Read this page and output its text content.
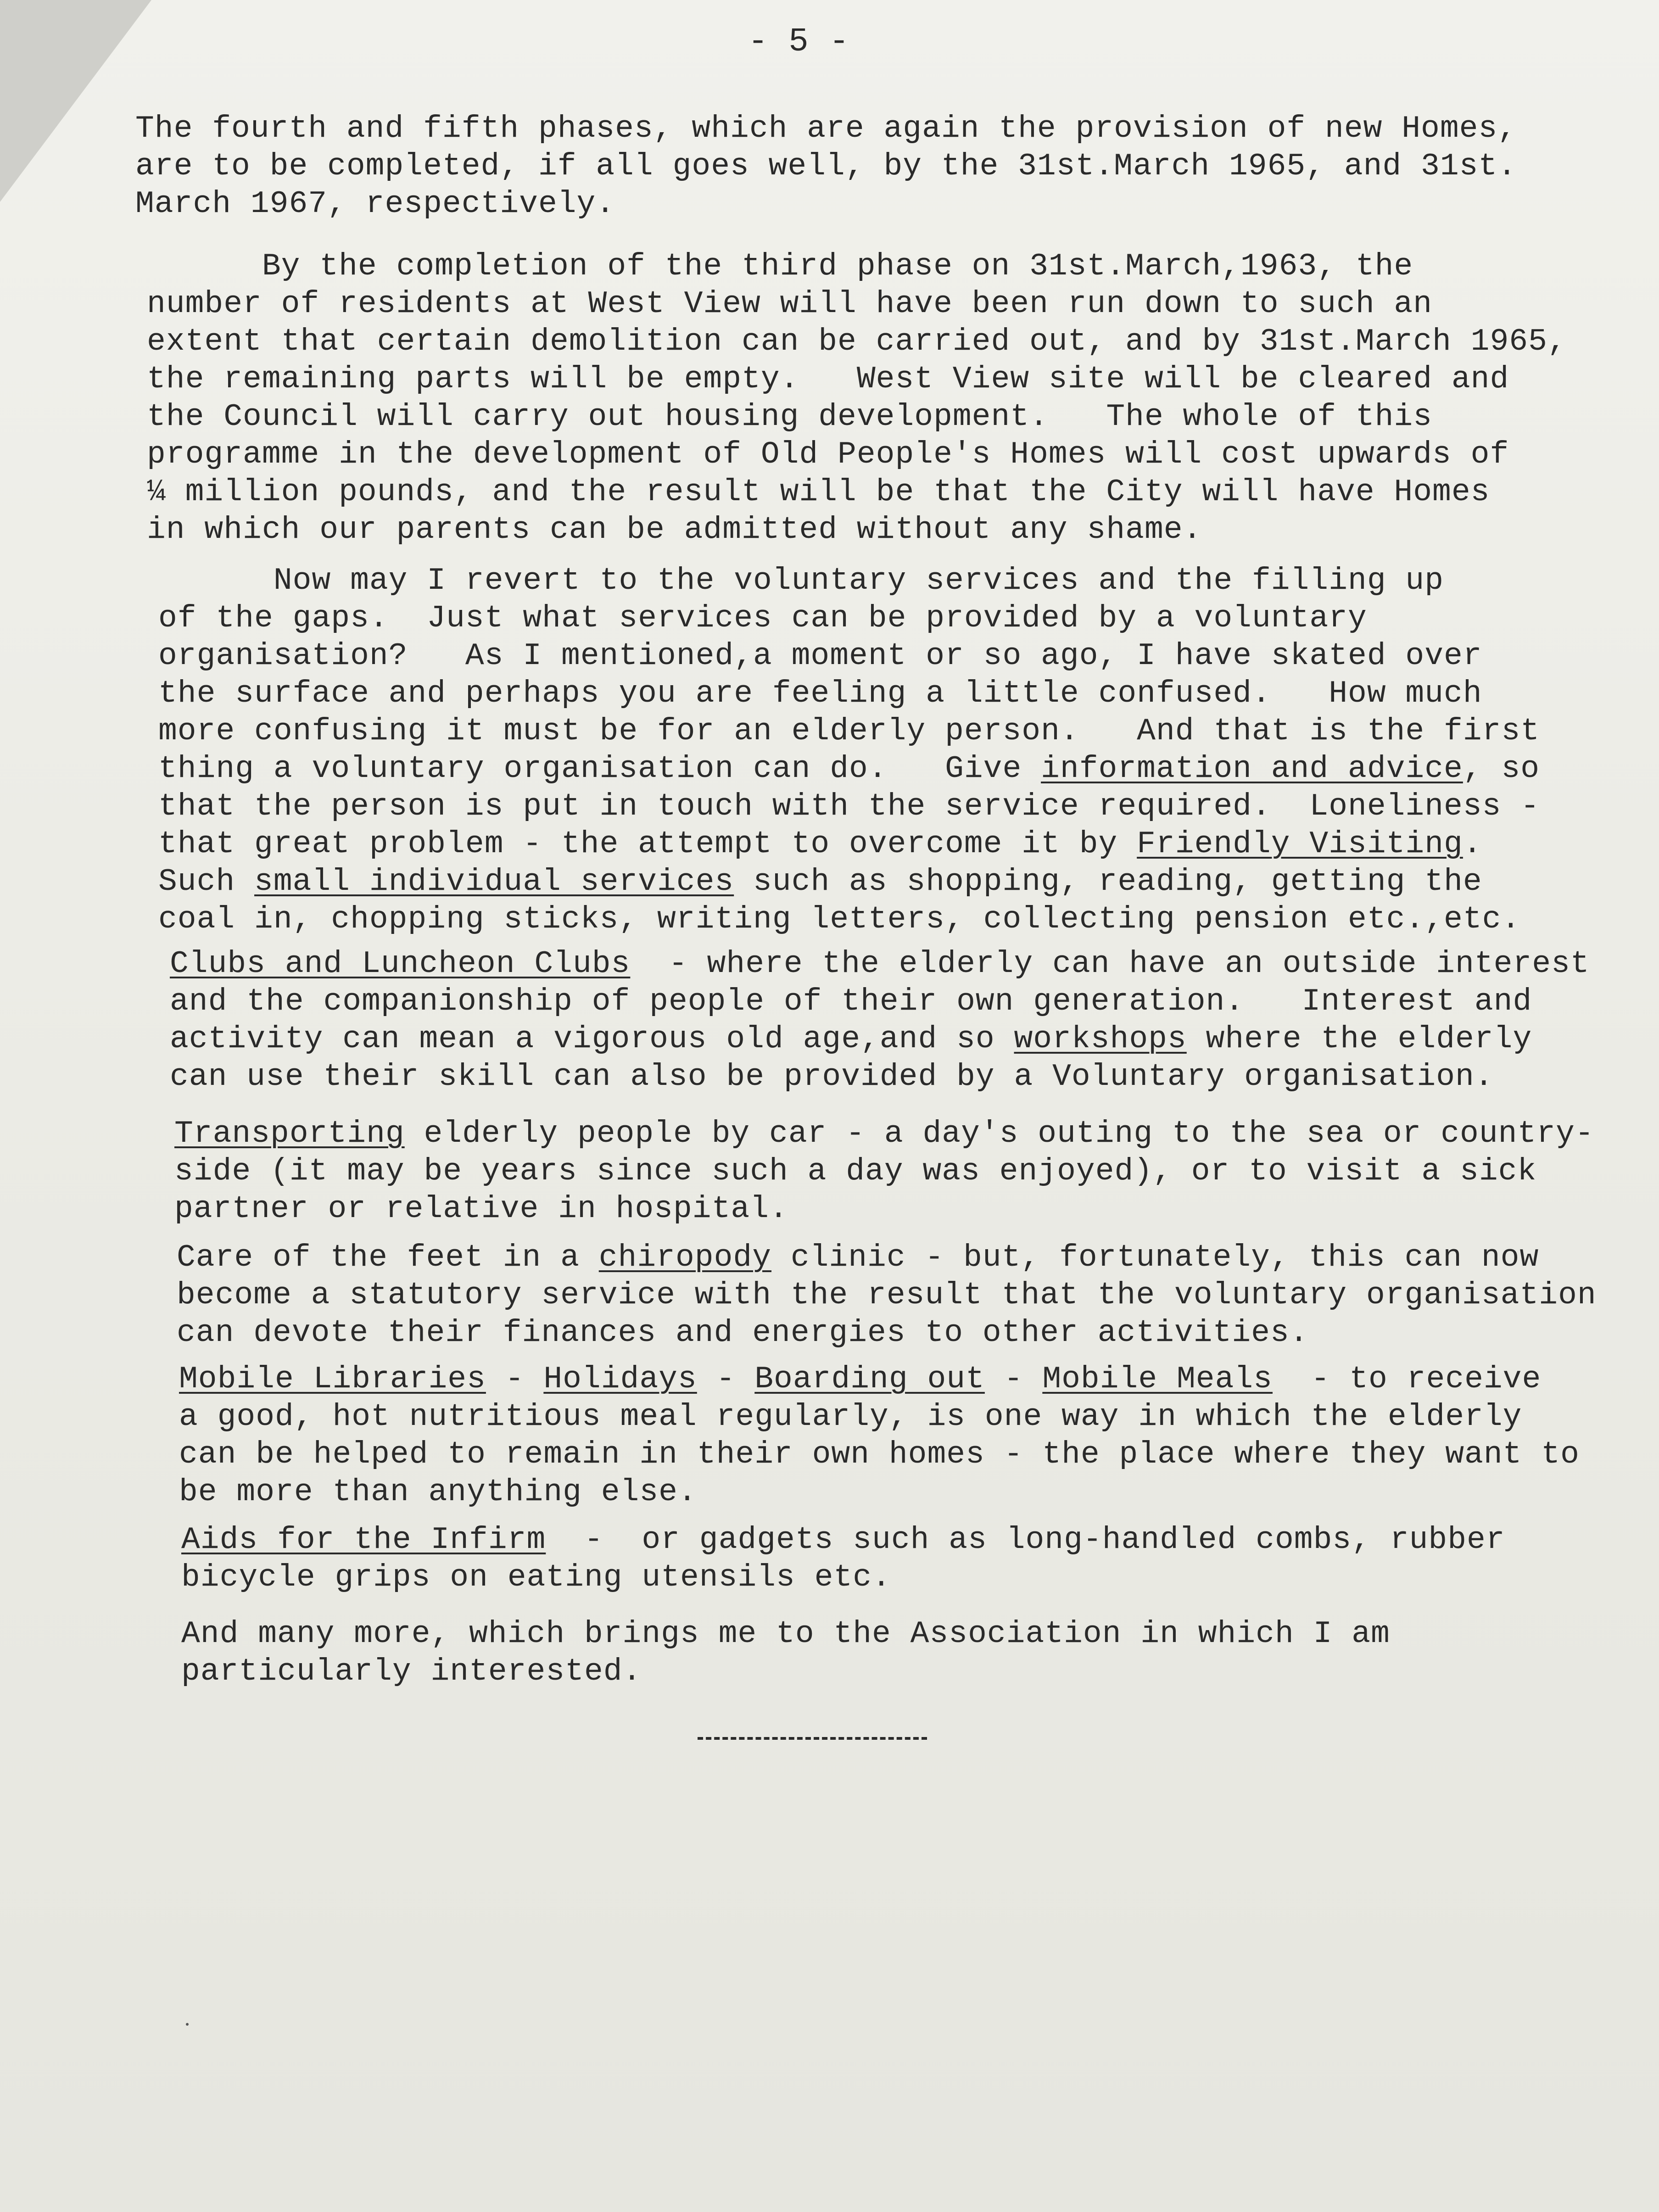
- 5 -
The fourth and fifth phases, which are again the provision of new Homes,
are to be completed, if all goes well, by the 31st.March 1965, and 31st.
March 1967, respectively.
By the completion of the third phase on 31st.March,1963, the
number of residents at West View will have been run down to such an
extent that certain demolition can be carried out, and by 31st.March 1965,
the remaining parts will be empty.   West View site will be cleared and
the Council will carry out housing development.   The whole of this
programme in the development of Old People's Homes will cost upwards of
¼ million pounds, and the result will be that the City will have Homes
in which our parents can be admitted without any shame.
Now may I revert to the voluntary services and the filling up
of the gaps.  Just what services can be provided by a voluntary
organisation?   As I mentioned,a moment or so ago, I have skated over
the surface and perhaps you are feeling a little confused.   How much
more confusing it must be for an elderly person.   And that is the first
thing a voluntary organisation can do.   Give information and advice, so
that the person is put in touch with the service required.  Loneliness -
that great problem - the attempt to overcome it by Friendly Visiting.
Such small individual services such as shopping, reading, getting the
coal in, chopping sticks, writing letters, collecting pension etc.,etc.
Clubs and Luncheon Clubs  - where the elderly can have an outside interest
and the companionship of people of their own generation.   Interest and
activity can mean a vigorous old age,and so workshops where the elderly
can use their skill can also be provided by a Voluntary organisation.
Transporting elderly people by car - a day's outing to the sea or country-
side (it may be years since such a day was enjoyed), or to visit a sick
partner or relative in hospital.
Care of the feet in a chiropody clinic - but, fortunately, this can now
become a statutory service with the result that the voluntary organisation
can devote their finances and energies to other activities.
Mobile Libraries - Holidays - Boarding out - Mobile Meals  - to receive
a good, hot nutritious meal regularly, is one way in which the elderly
can be helped to remain in their own homes - the place where they want to
be more than anything else.
Aids for the Infirm  -  or gadgets such as long-handled combs, rubber
bicycle grips on eating utensils etc.
And many more, which brings me to the Association in which I am
particularly interested.
